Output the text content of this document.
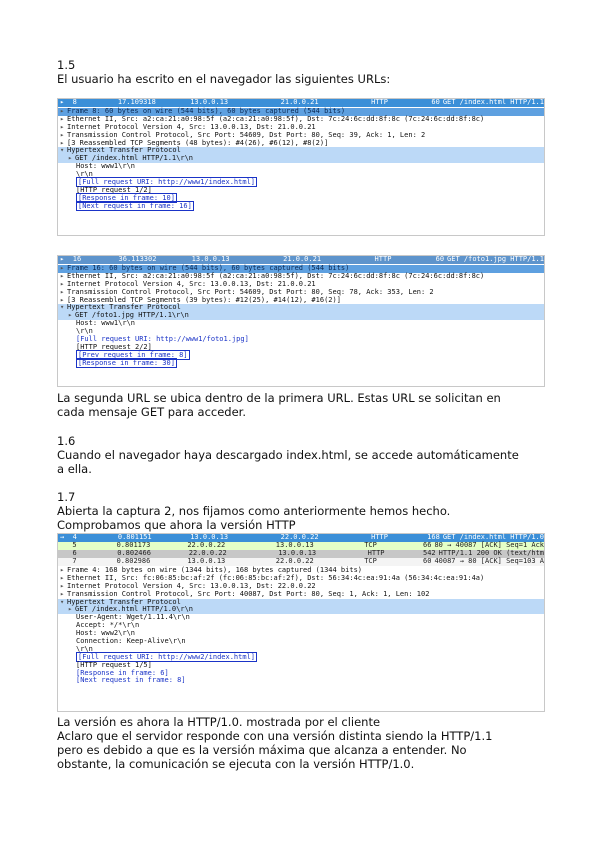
1.5
El usuario ha escrito en el navegador las siguientes URLs:
▸	8	17.109318	13.0.0.13	21.0.0.21	HTTP	60 GET /index.html HTTP/1.1
▸ Frame 8: 60 bytes on wire (544 bits), 60 bytes captured (544 bits)
▸ Ethernet II, Src: a2:ca:21:a0:98:5f (a2:ca:21:a0:98:5f), Dst: 7c:24:6c:dd:8f:8c (7c:24:6c:dd:8f:8c)
▸ Internet Protocol Version 4, Src: 13.0.0.13, Dst: 21.0.0.21
▸ Transmission Control Protocol, Src Port: 54609, Dst Port: 80, Seq: 39, Ack: 1, Len: 2
▸ [3 Reassembled TCP Segments (48 bytes): #4(26), #6(12), #8(2)]
▾ Hypertext Transfer Protocol
▸ GET /index.html HTTP/1.1\r\n
Host: www1\r\n
\r\n
[Full request URI: http://www1/index.html]
[HTTP request 1/2]
[Response in frame: 10]
[Next request in frame: 16]
▸	16	36.113302	13.0.0.13	21.0.0.21	HTTP	60 GET /foto1.jpg HTTP/1.1
▸ Frame 16: 60 bytes on wire (544 bits), 60 bytes captured (544 bits)
▸ Ethernet II, Src: a2:ca:21:a0:98:5f (a2:ca:21:a0:98:5f), Dst: 7c:24:6c:dd:8f:8c (7c:24:6c:dd:8f:8c)
▸ Internet Protocol Version 4, Src: 13.0.0.13, Dst: 21.0.0.21
▸ Transmission Control Protocol, Src Port: 54609, Dst Port: 80, Seq: 78, Ack: 353, Len: 2
▸ [3 Reassembled TCP Segments (39 bytes): #12(25), #14(12), #16(2)]
▾ Hypertext Transfer Protocol
▸ GET /foto1.jpg HTTP/1.1\r\n
Host: www1\r\n
\r\n
[Full request URI: http://www1/foto1.jpg]
[HTTP request 2/2]
[Prev request in frame: 8]
[Response in frame: 30]
La segunda URL se ubica dentro de la primera URL. Estas URL se solicitan en
cada mensaje GET para acceder.
1.6
Cuando el navegador haya descargado index.html, se accede automáticamente
a ella.
1.7
Abierta la captura 2, nos fijamos como anteriormente hemos hecho.
Comprobamos que ahora la versión HTTP
→	4	0.801151	13.0.0.13	22.0.0.22	HTTP	168 GET /index.html HTTP/1.0
5	0.801173	22.0.0.22	13.0.0.13	TCP	66 80 → 40087 [ACK] Seq=1 Ack
6	0.802466	22.0.0.22	13.0.0.13	HTTP	542 HTTP/1.1 200 OK (text/htm
7	0.802986	13.0.0.13	22.0.0.22	TCP	60 40087 → 80 [ACK] Seq=103 A
▸ Frame 4: 168 bytes on wire (1344 bits), 168 bytes captured (1344 bits)
▸ Ethernet II, Src: fc:06:85:bc:af:2f (fc:06:85:bc:af:2f), Dst: 56:34:4c:ea:91:4a (56:34:4c:ea:91:4a)
▸ Internet Protocol Version 4, Src: 13.0.0.13, Dst: 22.0.0.22
▸ Transmission Control Protocol, Src Port: 40087, Dst Port: 80, Seq: 1, Ack: 1, Len: 102
▾ Hypertext Transfer Protocol
▸ GET /index.html HTTP/1.0\r\n
User-Agent: Wget/1.11.4\r\n
Accept: */*\r\n
Host: www2\r\n
Connection: Keep-Alive\r\n
\r\n
[Full request URI: http://www2/index.html]
[HTTP request 1/5]
[Response in frame: 6]
[Next request in frame: 8]
La versión es ahora la HTTP/1.0. mostrada por el cliente
Aclaro que el servidor responde con una versión distinta siendo la HTTP/1.1
pero es debido a que es la versión máxima que alcanza a entender. No
obstante, la comunicación se ejecuta con la versión HTTP/1.0.
